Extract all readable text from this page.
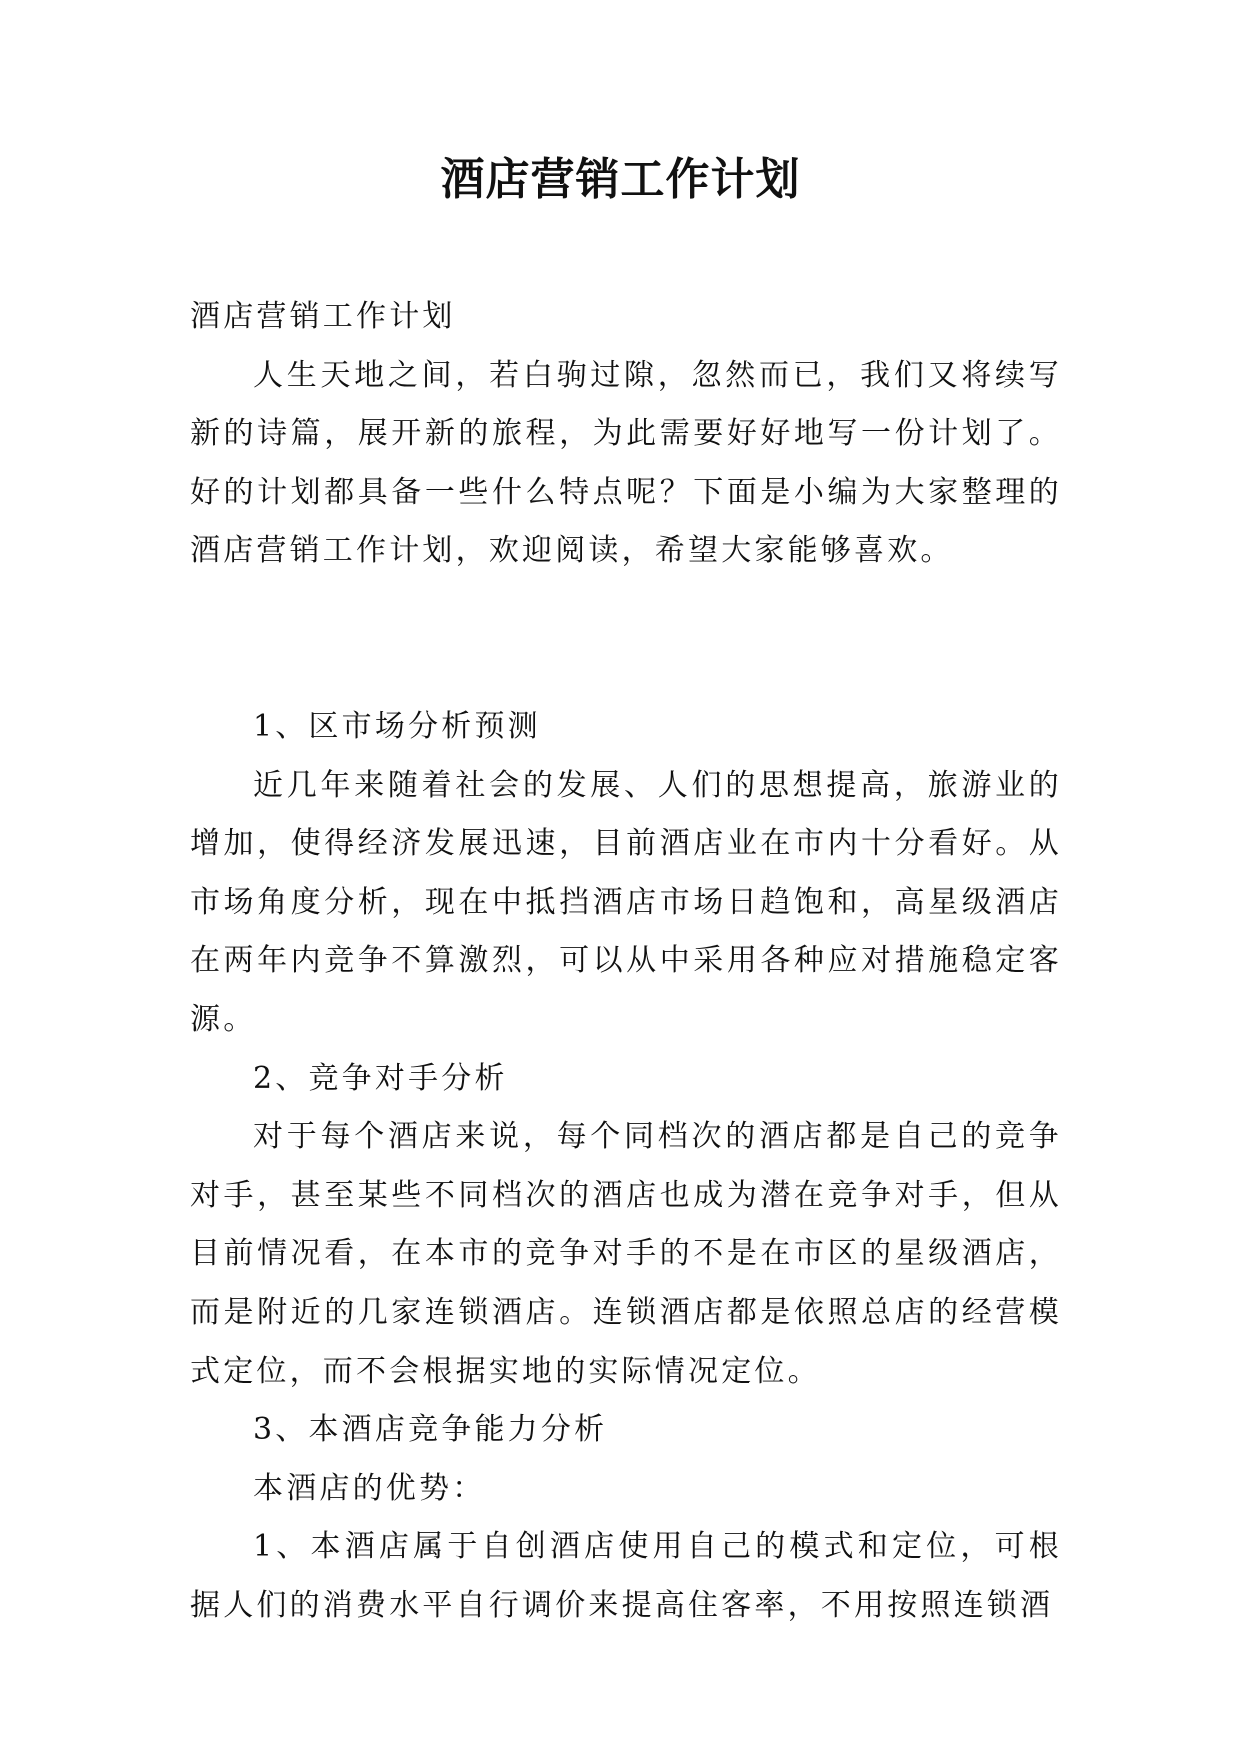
酒店营销工作计划

酒店营销工作计划

人生天地之间，若白驹过隙，忽然而已，我们又将续写新的诗篇，展开新的旅程，为此需要好好地写一份计划了。好的计划都具备一些什么特点呢？下面是小编为大家整理的酒店营销工作计划，欢迎阅读，希望大家能够喜欢。

1、区市场分析预测

近几年来随着社会的发展、人们的思想提高，旅游业的增加，使得经济发展迅速，目前酒店业在市内十分看好。从市场角度分析，现在中抵挡酒店市场日趋饱和，高星级酒店在两年内竞争不算激烈，可以从中采用各种应对措施稳定客源。

2、竞争对手分析

对于每个酒店来说，每个同档次的酒店都是自己的竞争对手，甚至某些不同档次的酒店也成为潜在竞争对手，但从目前情况看，在本市的竞争对手的不是在市区的星级酒店，而是附近的几家连锁酒店。连锁酒店都是依照总店的经营模式定位，而不会根据实地的实际情况定位。

3、本酒店竞争能力分析

本酒店的优势：

1、本酒店属于自创酒店使用自己的模式和定位，可根据人们的消费水平自行调价来提高住客率，不用按照连锁酒
